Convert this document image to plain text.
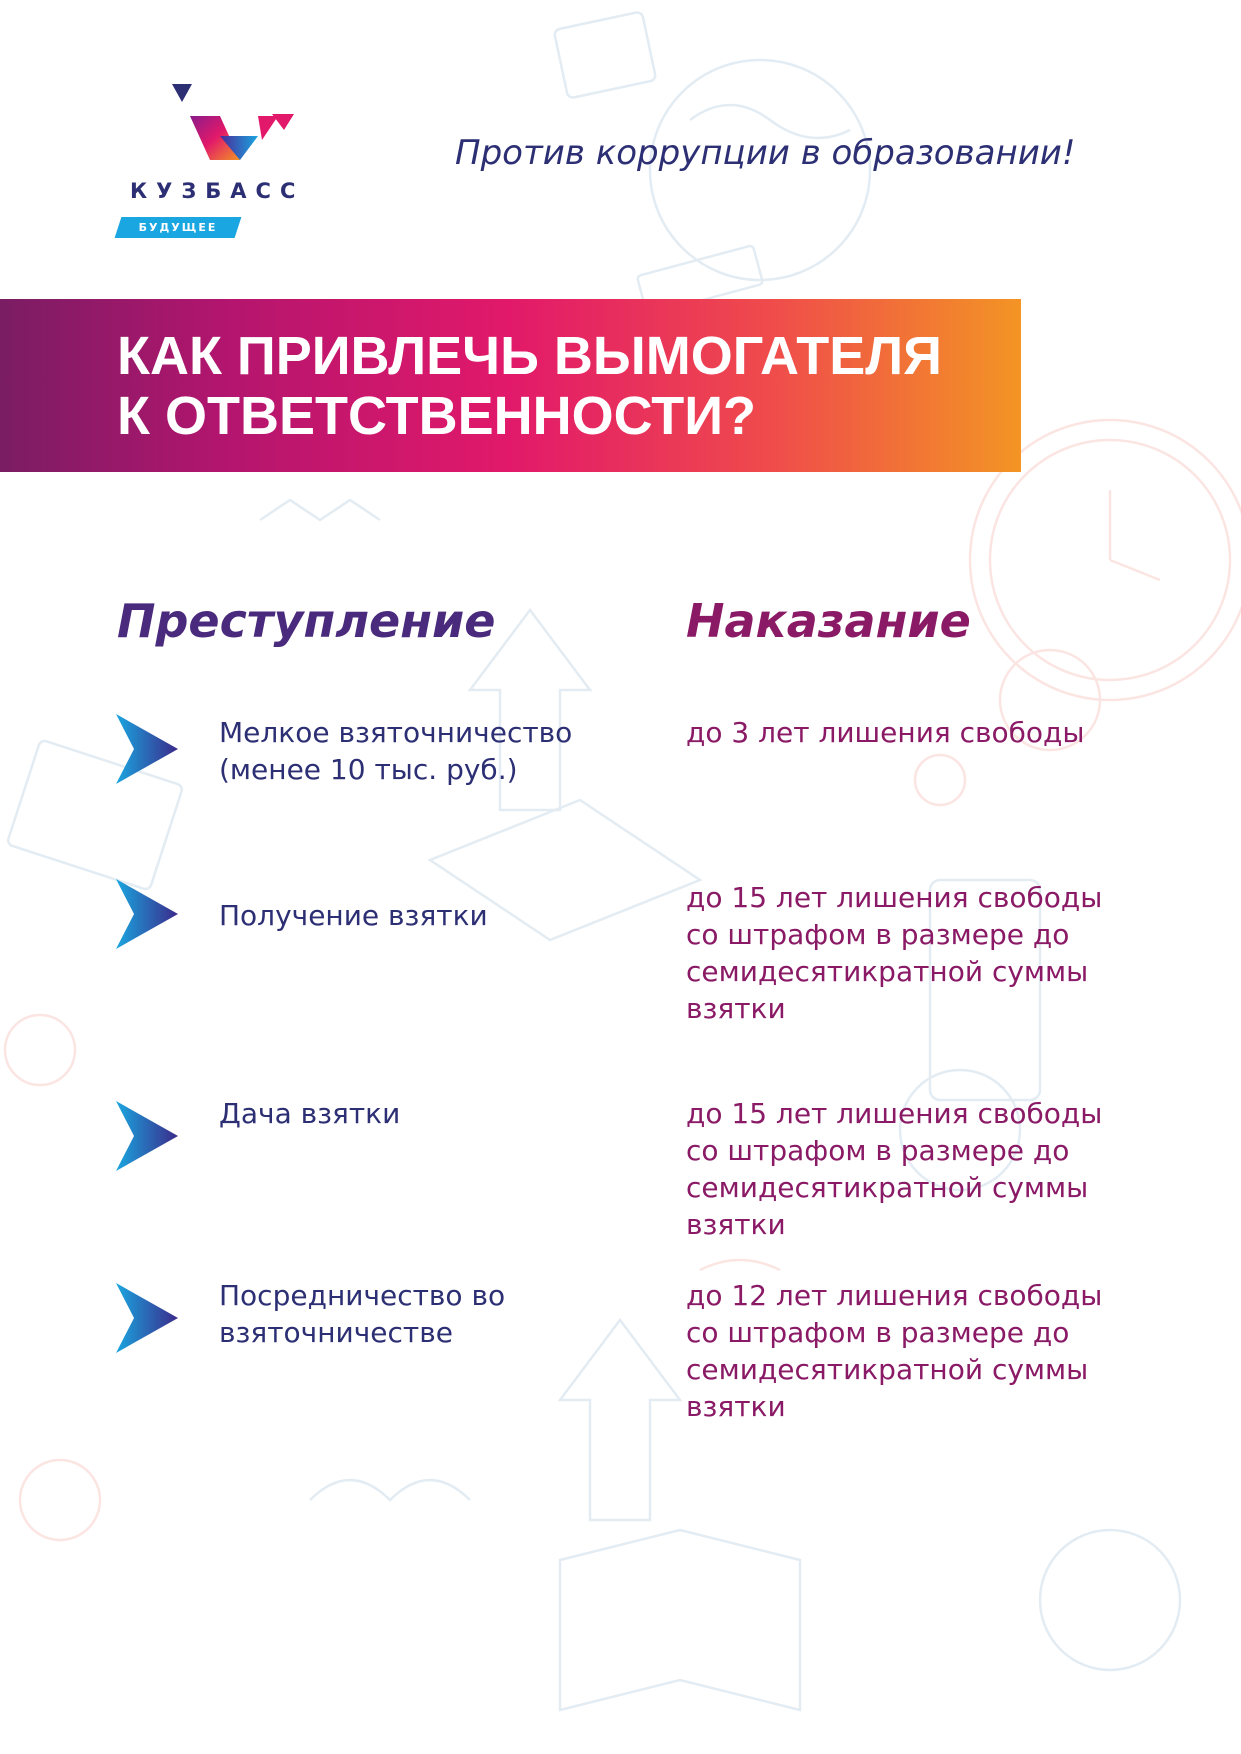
КУЗБАСС

БУДУЩЕЕ

Против коррупции в образовании!

КАК ПРИВЛЕЧЬ ВЫМОГАТЕЛЯ
К ОТВЕТСТВЕННОСТИ?
Преступление	Наказание

Мелкое взяточничество
(менее 10 тыс. руб.)

до 3 лет лишения свободы

Получение взятки

до 15 лет лишения свободы
со штрафом в размере до
семидесятикратной суммы
взятки

Дача взятки	до 15 лет лишения свободы
со штрафом в размере до
семидесятикратной суммы
взятки

Посредничество во
взяточничестве

до 12 лет лишения свободы
со штрафом в размере до
семидесятикратной суммы
взятки
